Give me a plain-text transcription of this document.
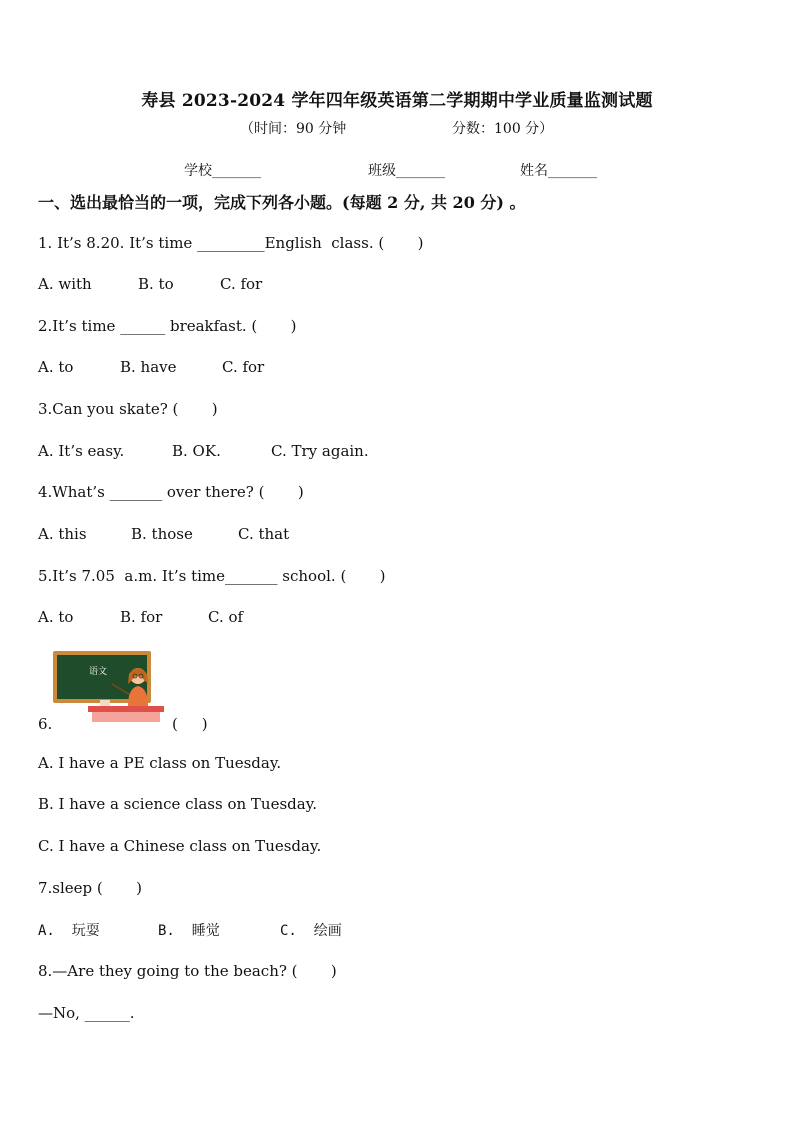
寿县 2023-2024 学年四年级英语第二学期期中学业质量监测试题
（时间：90 分钟	分数：100 分）
学校_______	班级_______	姓名_______
一、选出最恰当的一项，完成下列各小题。(每题 2 分, 共 20 分) 。
1. It’s 8.20. It’s time _________English  class. (       )
A. with	B. to	C. for
2.It’s time ______ breakfast. (       )
A. to	B. have	C. for
3.Can you skate? (       )
A. It’s easy.	B. OK.	C. Try again.
4.What’s _______ over there? (       )
A. this	B. those	C. that
5.It’s 7.05  a.m. It’s time_______ school. (       )
A. to	B. for	C. of
语文
6.	(     )
A. I have a PE class on Tuesday.
B. I have a science class on Tuesday.
C. I have a Chinese class on Tuesday.
7.sleep (       )
A.  玩耍	B.  睡觉	C.  绘画
8.—Are they going to the beach? (       )
—No, ______.
